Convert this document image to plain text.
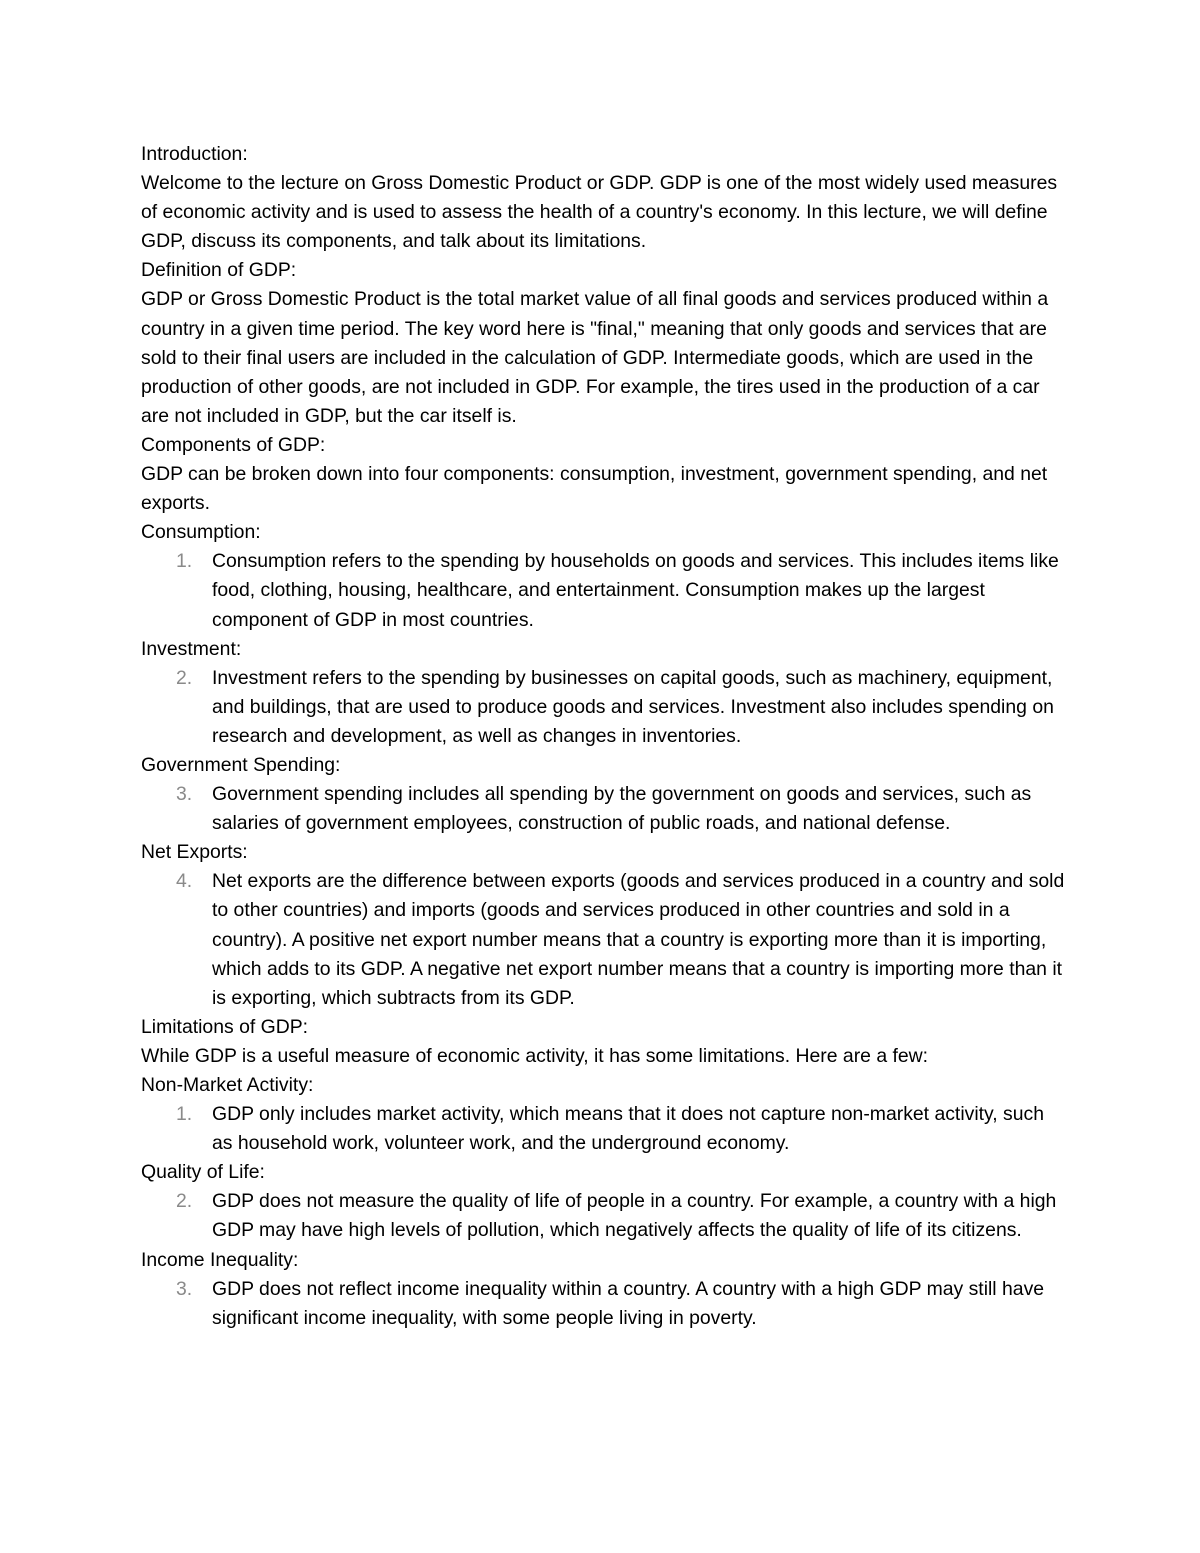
Introduction:

Welcome to the lecture on Gross Domestic Product or GDP. GDP is one of the most widely used measures of economic activity and is used to assess the health of a country's economy. In this lecture, we will define GDP, discuss its components, and talk about its limitations.

Definition of GDP:

GDP or Gross Domestic Product is the total market value of all final goods and services produced within a country in a given time period. The key word here is "final," meaning that only goods and services that are sold to their final users are included in the calculation of GDP. Intermediate goods, which are used in the production of other goods, are not included in GDP. For example, the tires used in the production of a car are not included in GDP, but the car itself is.

Components of GDP:

GDP can be broken down into four components: consumption, investment, government spending, and net exports.

Consumption:

1. Consumption refers to the spending by households on goods and services. This includes items like food, clothing, housing, healthcare, and entertainment. Consumption makes up the largest component of GDP in most countries.

Investment:

2. Investment refers to the spending by businesses on capital goods, such as machinery, equipment, and buildings, that are used to produce goods and services. Investment also includes spending on research and development, as well as changes in inventories.

Government Spending:

3. Government spending includes all spending by the government on goods and services, such as salaries of government employees, construction of public roads, and national defense.

Net Exports:

4. Net exports are the difference between exports (goods and services produced in a country and sold to other countries) and imports (goods and services produced in other countries and sold in a country). A positive net export number means that a country is exporting more than it is importing, which adds to its GDP. A negative net export number means that a country is importing more than it is exporting, which subtracts from its GDP.

Limitations of GDP:

While GDP is a useful measure of economic activity, it has some limitations. Here are a few:

Non-Market Activity:

1. GDP only includes market activity, which means that it does not capture non-market activity, such as household work, volunteer work, and the underground economy.

Quality of Life:

2. GDP does not measure the quality of life of people in a country. For example, a country with a high GDP may have high levels of pollution, which negatively affects the quality of life of its citizens.

Income Inequality:

3. GDP does not reflect income inequality within a country. A country with a high GDP may still have significant income inequality, with some people living in poverty.
